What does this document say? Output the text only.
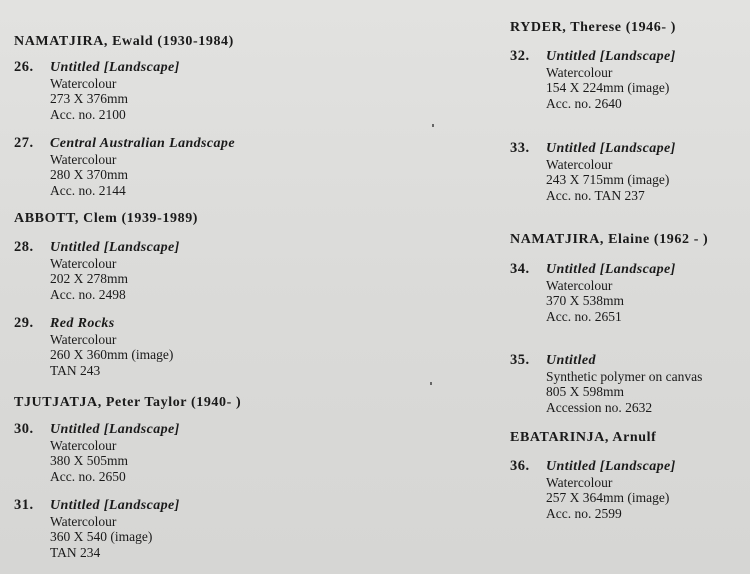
NAMATJIRA, Ewald (1930-1984)
26. Untitled [Landscape]
Watercolour
273 X 376mm
Acc. no. 2100
27. Central Australian Landscape
Watercolour
280 X 370mm
Acc. no. 2144
ABBOTT, Clem (1939-1989)
28. Untitled [Landscape]
Watercolour
202 X 278mm
Acc. no. 2498
29. Red Rocks
Watercolour
260 X 360mm (image)
TAN 243
TJUTJATJA, Peter Taylor (1940- )
30. Untitled [Landscape]
Watercolour
380 X 505mm
Acc. no. 2650
31. Untitled [Landscape]
Watercolour
360 X 540 (image)
TAN 234
RYDER, Therese (1946- )
32. Untitled [Landscape]
Watercolour
154 X 224mm (image)
Acc. no. 2640
33. Untitled [Landscape]
Watercolour
243 X 715mm (image)
Acc. no. TAN 237
NAMATJIRA, Elaine (1962 - )
34. Untitled [Landscape]
Watercolour
370 X 538mm
Acc. no. 2651
35. Untitled
Synthetic polymer on canvas
805 X 598mm
Accession no. 2632
EBATARINJA, Arnulf
36. Untitled [Landscape]
Watercolour
257 X 364mm (image)
Acc. no. 2599
